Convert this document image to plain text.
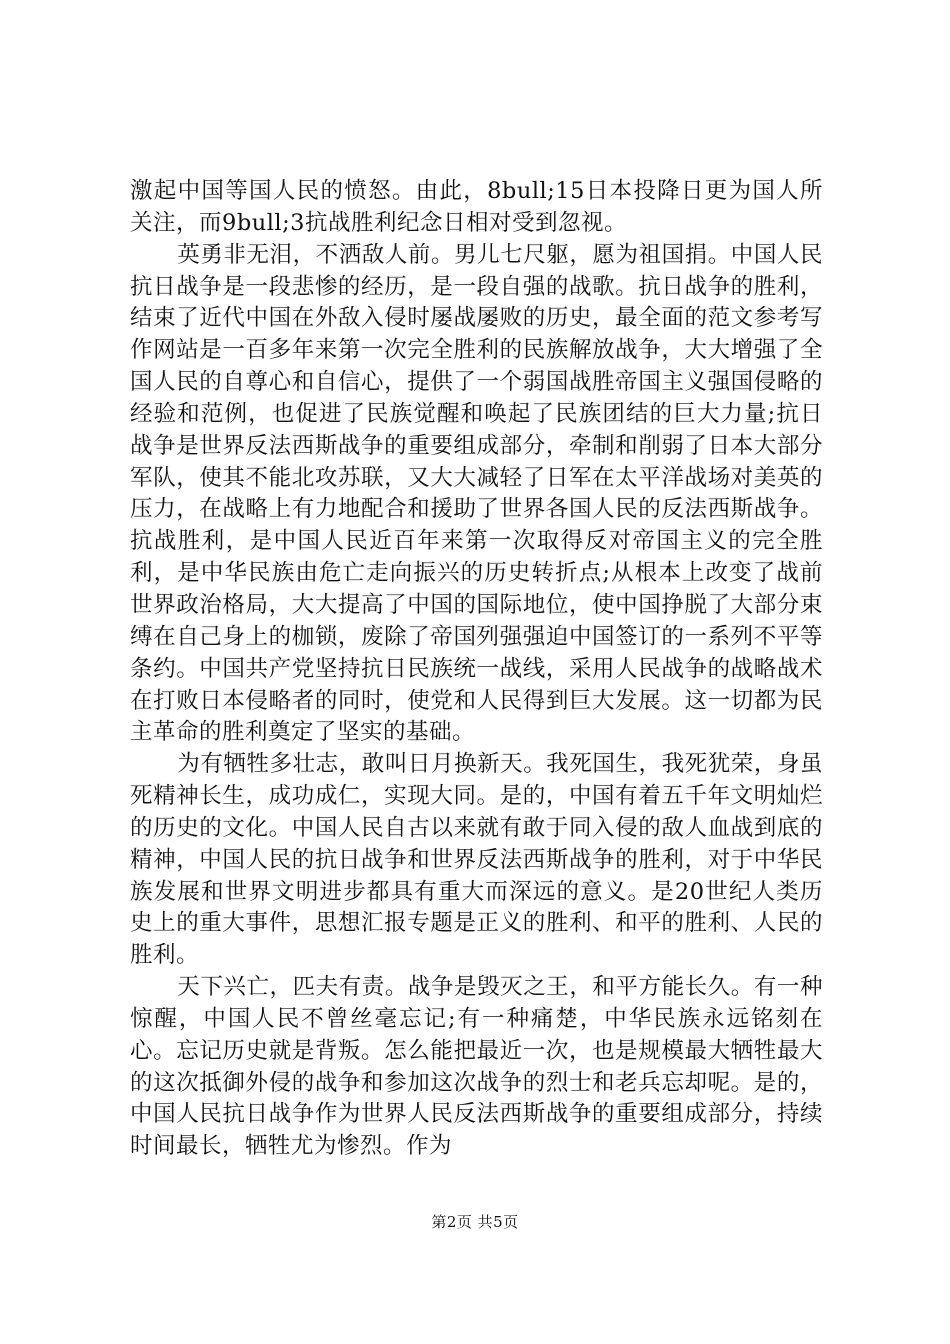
激起中国等国人民的愤怒。由此，8bull;15日本投降日更为国人所关注，而9bull;3抗战胜利纪念日相对受到忽视。

英勇非无泪，不洒敌人前。男儿七尺躯，愿为祖国捐。中国人民抗日战争是一段悲惨的经历，是一段自强的战歌。抗日战争的胜利，结束了近代中国在外敌入侵时屡战屡败的历史，最全面的范文参考写作网站是一百多年来第一次完全胜利的民族解放战争，大大增强了全国人民的自尊心和自信心，提供了一个弱国战胜帝国主义强国侵略的经验和范例，也促进了民族觉醒和唤起了民族团结的巨大力量;抗日战争是世界反法西斯战争的重要组成部分，牵制和削弱了日本大部分军队，使其不能北攻苏联，又大大减轻了日军在太平洋战场对美英的压力，在战略上有力地配合和援助了世界各国人民的反法西斯战争。抗战胜利，是中国人民近百年来第一次取得反对帝国主义的完全胜利，是中华民族由危亡走向振兴的历史转折点;从根本上改变了战前世界政治格局，大大提高了中国的国际地位，使中国挣脱了大部分束缚在自己身上的枷锁，废除了帝国列强强迫中国签订的一系列不平等条约。中国共产党坚持抗日民族统一战线，采用人民战争的战略战术在打败日本侵略者的同时，使党和人民得到巨大发展。这一切都为民主革命的胜利奠定了坚实的基础。

为有牺牲多壮志，敢叫日月换新天。我死国生，我死犹荣，身虽死精神长生，成功成仁，实现大同。是的，中国有着五千年文明灿烂的历史的文化。中国人民自古以来就有敢于同入侵的敌人血战到底的精神，中国人民的抗日战争和世界反法西斯战争的胜利，对于中华民族发展和世界文明进步都具有重大而深远的意义。是20世纪人类历史上的重大事件，思想汇报专题是正义的胜利、和平的胜利、人民的胜利。

天下兴亡，匹夫有责。战争是毁灭之王，和平方能长久。有一种惊醒，中国人民不曾丝毫忘记;有一种痛楚，中华民族永远铭刻在心。忘记历史就是背叛。怎么能把最近一次，也是规模最大牺牲最大的这次抵御外侵的战争和参加这次战争的烈士和老兵忘却呢。是的，中国人民抗日战争作为世界人民反法西斯战争的重要组成部分，持续时间最长，牺牲尤为惨烈。作为

第2页 共5页
